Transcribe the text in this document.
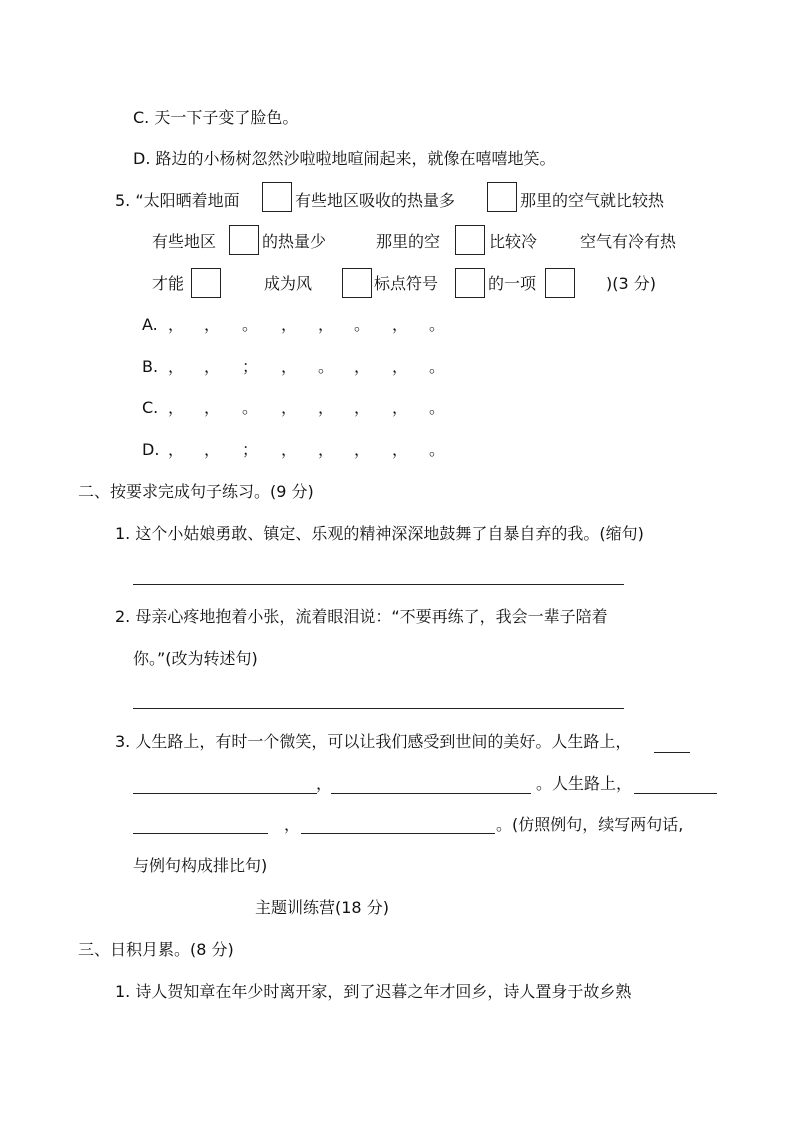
C. 天一下子变了脸色。
D. 路边的小杨树忽然沙啦啦地喧闹起来，就像在嘻嘻地笑。
5. “太阳晒着地面	有些地区吸收的热量多	那里的空气就比较热
有些地区	的热量少	那里的空	比较冷	空气有冷有热
才能	成为风	标点符号	的一项	)(3 分)
A. ， ， 。 ， ， 。 ， 。
B. ， ， ； ， 。 ， ， 。
C. ， ， 。 ， ， ， ， 。
D. ， ， ； ， ， ， ， 。
二、按要求完成句子练习。(9 分)
1. 这个小姑娘勇敢、镇定、乐观的精神深深地鼓舞了自暴自弃的我。(缩句)
2. 母亲心疼地抱着小张，流着眼泪说：“不要再练了，我会一辈子陪着
你。”(改为转述句)
3. 人生路上，有时一个微笑，可以让我们感受到世间的美好。人生路上，
，	。人生路上，
，	。(仿照例句，续写两句话,
与例句构成排比句)
主题训练营(18 分)
三、日积月累。(8 分)
1. 诗人贺知章在年少时离开家，到了迟暮之年才回乡，诗人置身于故乡熟
